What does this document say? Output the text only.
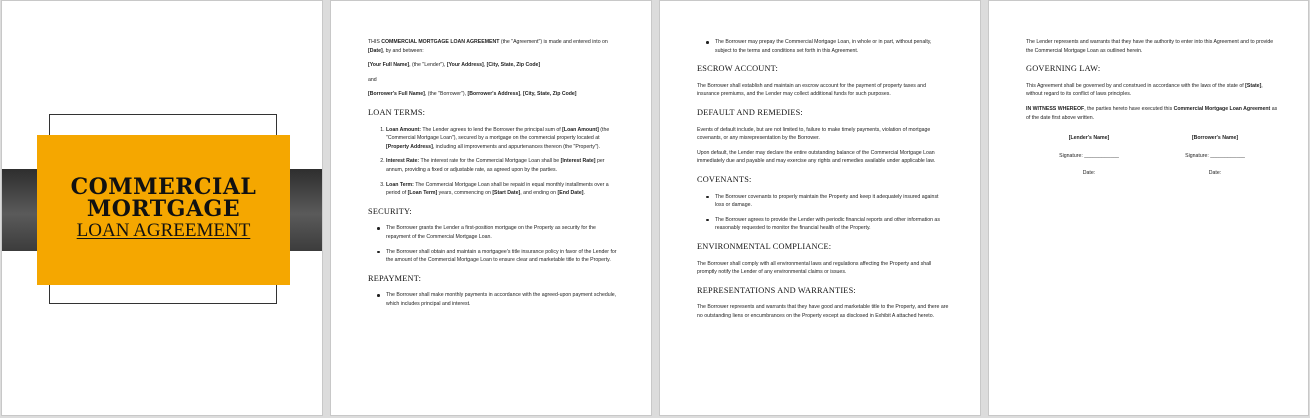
COMMERCIAL
MORTGAGE
LOAN AGREEMENT

THIS COMMERCIAL MORTGAGE LOAN AGREEMENT (the "Agreement") is made and entered into on [Date], by and between:

[Your Full Name], (the "Lender"), [Your Address], [City, State, Zip Code]

and

[Borrower's Full Name], (the "Borrower"), [Borrower's Address], [City, State, Zip Code]

LOAN TERMS:
1. Loan Amount: The Lender agrees to lend the Borrower the principal sum of [Loan Amount] (the "Commercial Mortgage Loan"), secured by a mortgage on the commercial property located at [Property Address], including all improvements and appurtenances thereon (the "Property").
2. Interest Rate: The interest rate for the Commercial Mortgage Loan shall be [Interest Rate] per annum, providing a fixed or adjustable rate, as agreed upon by the parties.
3. Loan Term: The Commercial Mortgage Loan shall be repaid in equal monthly installments over a period of [Loan Term] years, commencing on [Start Date], and ending on [End Date].
SECURITY:
The Borrower grants the Lender a first-position mortgage on the Property as security for the repayment of the Commercial Mortgage Loan.
The Borrower shall obtain and maintain a mortgagee's title insurance policy in favor of the Lender for the amount of the Commercial Mortgage Loan to ensure clear and marketable title to the Property.
REPAYMENT:
The Borrower shall make monthly payments in accordance with the agreed-upon payment schedule, which includes principal and interest.
The Borrower may prepay the Commercial Mortgage Loan, in whole or in part, without penalty, subject to the terms and conditions set forth in this Agreement.
ESCROW ACCOUNT:

The Borrower shall establish and maintain an escrow account for the payment of property taxes and insurance premiums, and the Lender may collect additional funds for such purposes.

DEFAULT AND REMEDIES:

Events of default include, but are not limited to, failure to make timely payments, violation of mortgage covenants, or any misrepresentation by the Borrower.

Upon default, the Lender may declare the entire outstanding balance of the Commercial Mortgage Loan immediately due and payable and may exercise any rights and remedies available under applicable law.

COVENANTS:
The Borrower covenants to properly maintain the Property and keep it adequately insured against loss or damage.
The Borrower agrees to provide the Lender with periodic financial reports and other information as reasonably requested to monitor the financial health of the Property.
ENVIRONMENTAL COMPLIANCE:

The Borrower shall comply with all environmental laws and regulations affecting the Property and shall promptly notify the Lender of any environmental claims or issues.

REPRESENTATIONS AND WARRANTIES:

The Borrower represents and warrants that they have good and marketable title to the Property, and there are no outstanding liens or encumbrances on the Property except as disclosed in Exhibit A attached hereto.

The Lender represents and warrants that they have the authority to enter into this Agreement and to provide the Commercial Mortgage Loan as outlined herein.

GOVERNING LAW:

This Agreement shall be governed by and construed in accordance with the laws of the state of [State], without regard to its conflict of laws principles.

IN WITNESS WHEREOF, the parties hereto have executed this Commercial Mortgage Loan Agreement as of the date first above written.

[Lender's Name]
Signature: ____________
Date:
[Borrower's Name]
Signature: ____________
Date:
